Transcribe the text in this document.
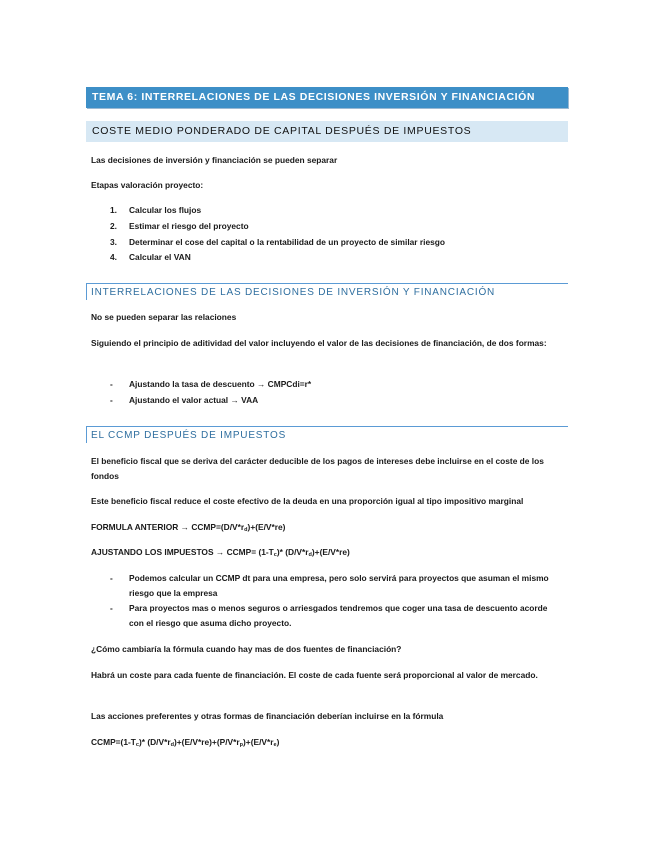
TEMA 6: INTERRELACIONES DE LAS DECISIONES INVERSIÓN Y FINANCIACIÓN
COSTE MEDIO PONDERADO DE CAPITAL DESPUÉS DE IMPUESTOS
Las decisiones de inversión y financiación se pueden separar
Etapas valoración proyecto:
1. Calcular los flujos
2. Estimar el riesgo del proyecto
3. Determinar el cose del capital o la rentabilidad de un proyecto de similar riesgo
4. Calcular el VAN
INTERRELACIONES DE LAS DECISIONES DE INVERSIÓN Y FINANCIACIÓN
No se pueden separar las relaciones
Siguiendo el principio de aditividad del valor incluyendo el valor de las decisiones de financiación, de dos formas:
- Ajustando la tasa de descuento → CMPCdi=r*
- Ajustando el valor actual → VAA
EL CCMP DESPUÉS DE IMPUESTOS
El beneficio fiscal que se deriva del carácter deducible de los pagos de intereses debe incluirse en el coste de los fondos
Este beneficio fiscal reduce el coste efectivo de la deuda en una proporción igual al tipo impositivo marginal
FORMULA ANTERIOR → $CCMP=(D/V*r_d)+(E/V*re)$
AJUSTANDO LOS IMPUESTOS → CCMP= $(1-T_c)*$ $(D/V*r_d)+(E/V*re)$
- Podemos calcular un CCMP dt para una empresa, pero solo servirá para proyectos que asuman el mismo riesgo que la empresa
- Para proyectos mas o menos seguros o arriesgados tendremos que coger una tasa de descuento acorde con el riesgo que asuma dicho proyecto.
¿Cómo cambiaría la fórmula cuando hay mas de dos fuentes de financiación?
Habrá un coste para cada fuente de financiación. El coste de cada fuente será proporcional al valor de mercado.
Las acciones preferentes y otras formas de financiación deberían incluirse en la fórmula
$CCMP=(1-T_c)*$ $(D/V*r_d)+(E/V*re)+(P/V*r_p)+(E/V*r_e)$
